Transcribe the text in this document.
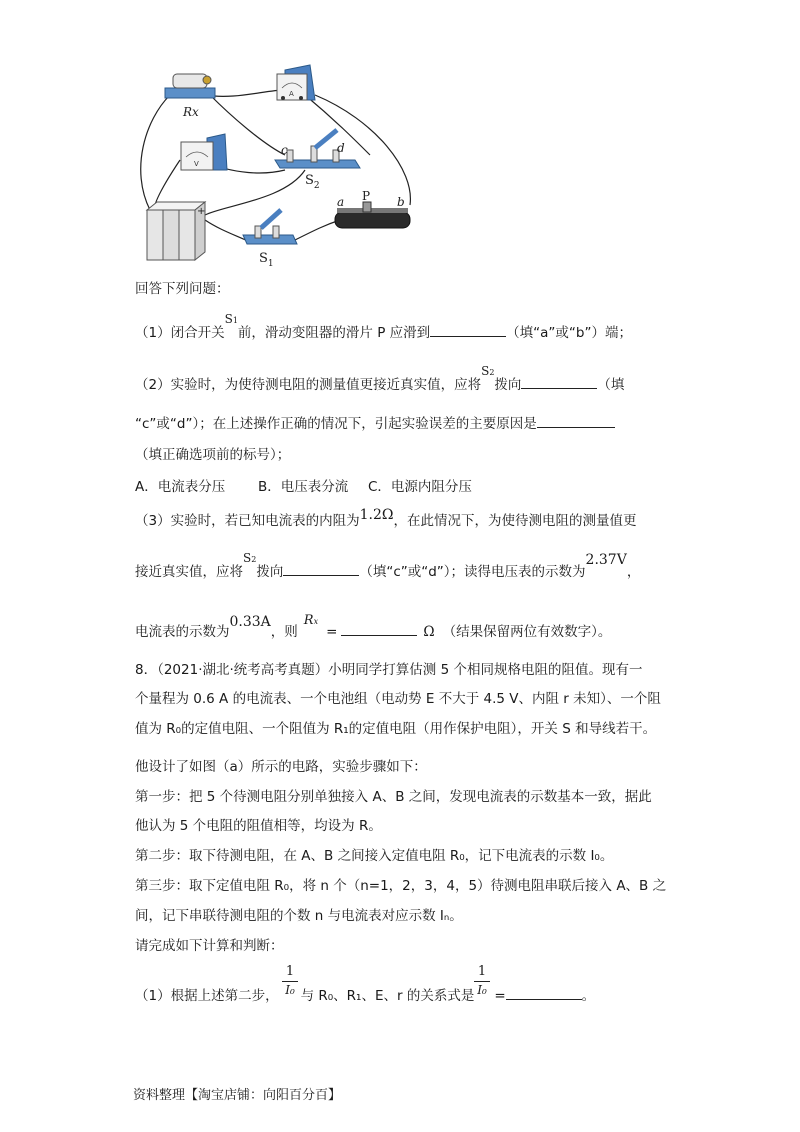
Rx
A
V
c	d
$S_2$
+
$S_1$
a P b
回答下列问题：
（1）闭合开关S1前，滑动变阻器的滑片 P 应滑到	（填“a”或“b”）端；
（2）实验时，为使待测电阻的测量值更接近真实值，应将S2拨向	（填
“c”或“d”）；在上述操作正确的情况下，引起实验误差的主要原因是
（填正确选项前的标号）；
A．电流表分压 B．电压表分流 C．电源内阻分压
（3）实验时，若已知电流表的内阻为1.2Ω，在此情况下，为使待测电阻的测量值更
接近真实值，应将S2拨向	（填“c”或“d”）；读得电压表的示数为2.37V，
电流表的示数为0.33A，则Rx=	Ω （结果保留两位有效数字）。
8．（2021·湖北·统考高考真题）小明同学打算估测 5 个相同规格电阻的阻值。现有一
个量程为 0.6 A 的电流表、一个电池组（电动势 E 不大于 4.5 V、内阻 r 未知）、一个阻
值为 R₀的定值电阻、一个阻值为 R₁的定值电阻（用作保护电阻），开关 S 和导线若干。
他设计了如图（a）所示的电路，实验步骤如下：
第一步：把 5 个待测电阻分别单独接入 A、B 之间，发现电流表的示数基本一致，据此
他认为 5 个电阻的阻值相等，均设为 R。
第二步：取下待测电阻，在 A、B 之间接入定值电阻 R₀，记下电流表的示数 I₀。
第三步：取下定值电阻 R₀，将 n 个（n=1，2，3，4，5）待测电阻串联后接入 A、B 之
间，记下串联待测电阻的个数 n 与电流表对应示数 Iₙ。
请完成如下计算和判断：
（1）根据上述第二步， 与 R₀、R₁、E、r 的关系式是 =	。
1
I₀
1
I₀
资料整理【淘宝店铺：向阳百分百】
